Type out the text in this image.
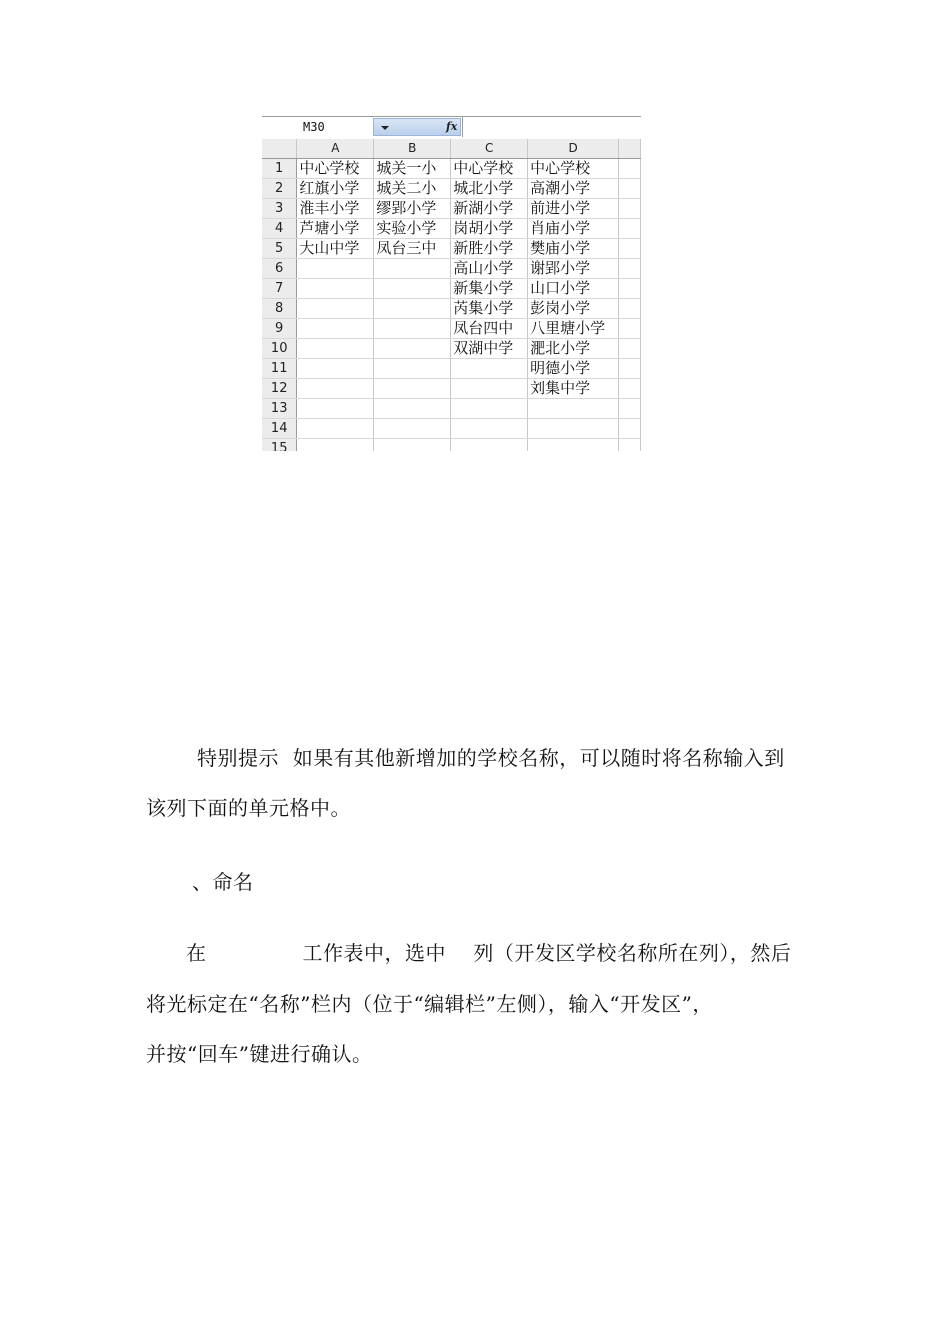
M30	fx
	A	B	C	D	
1	中心学校	城关一小	中心学校	中心学校	
2	红旗小学	城关二小	城北小学	高潮小学	
3	淮丰小学	缪郢小学	新湖小学	前进小学	
4	芦塘小学	实验小学	岗胡小学	肖庙小学	
5	大山中学	凤台三中	新胜小学	樊庙小学	
6			高山小学	谢郢小学	
7			新集小学	山口小学	
8			芮集小学	彭岗小学	
9			凤台四中	八里塘小学	
10			双湖中学	淝北小学	
11				明德小学	
12				刘集中学	
13					
14					
15					
特别提示  如果有其他新增加的学校名称，可以随时将名称输入到
该列下面的单元格中。
、命名
在              工作表中，选中    列（开发区学校名称所在列），然后
将光标定在“名称”栏内（位于“编辑栏”左侧），输入“开发区”，
并按“回车”键进行确认。
